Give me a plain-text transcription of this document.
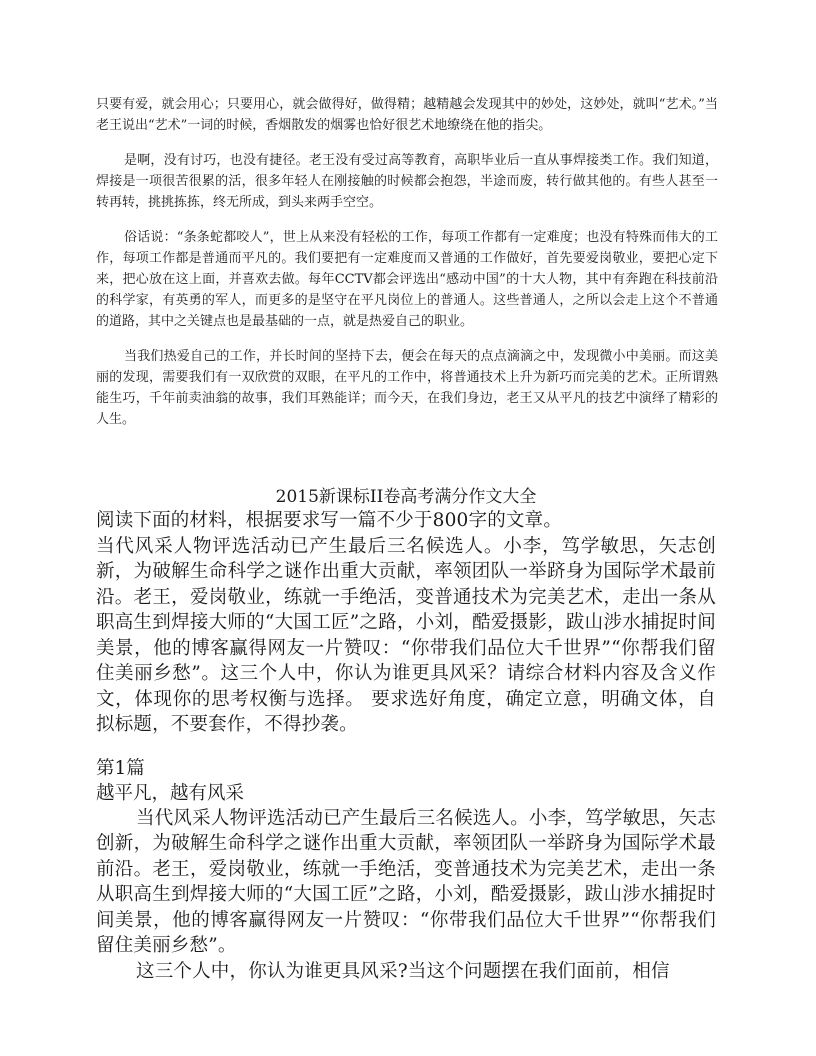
只要有爱，就会用心；只要用心，就会做得好，做得精；越精越会发现其中的妙处，这妙处，就叫“艺术。”当老王说出“艺术”一词的时候，香烟散发的烟雾也恰好很艺术地缭绕在他的指尖。

是啊，没有讨巧，也没有捷径。老王没有受过高等教育，高职毕业后一直从事焊接类工作。我们知道，焊接是一项很苦很累的活，很多年轻人在刚接触的时候都会抱怨，半途而废，转行做其他的。有些人甚至一转再转，挑挑拣拣，终无所成，到头来两手空空。

俗话说：“条条蛇都咬人”，世上从来没有轻松的工作，每项工作都有一定难度；也没有特殊而伟大的工作，每项工作都是普通而平凡的。我们要把有一定难度而又普通的工作做好，首先要爱岗敬业，要把心定下来，把心放在这上面，并喜欢去做。每年CCTV都会评选出“感动中国”的十大人物，其中有奔跑在科技前沿的科学家，有英勇的军人，而更多的是坚守在平凡岗位上的普通人。这些普通人，之所以会走上这个不普通的道路，其中之关键点也是最基础的一点，就是热爱自己的职业。

当我们热爱自己的工作，并长时间的坚持下去，便会在每天的点点滴滴之中，发现微小中美丽。而这美丽的发现，需要我们有一双欣赏的双眼，在平凡的工作中，将普通技术上升为新巧而完美的艺术。正所谓熟能生巧，千年前卖油翁的故事，我们耳熟能详；而今天，在我们身边，老王又从平凡的技艺中演绎了精彩的人生。

2015新课标II卷高考满分作文大全

阅读下面的材料，根据要求写一篇不少于800字的文章。

当代风采人物评选活动已产生最后三名候选人。小李，笃学敏思，矢志创新，为破解生命科学之谜作出重大贡献，率领团队一举跻身为国际学术最前沿。老王，爱岗敬业，练就一手绝活，变普通技术为完美艺术，走出一条从职高生到焊接大师的“大国工匠”之路，小刘，酷爱摄影，跋山涉水捕捉时间美景，他的博客赢得网友一片赞叹：“你带我们品位大千世界”“你帮我们留住美丽乡愁”。这三个人中，你认为谁更具风采？请综合材料内容及含义作文，体现你的思考权衡与选择。 要求选好角度，确定立意，明确文体，自拟标题，不要套作，不得抄袭。

第1篇

越平凡，越有风采

当代风采人物评选活动已产生最后三名候选人。小李，笃学敏思，矢志创新，为破解生命科学之谜作出重大贡献，率领团队一举跻身为国际学术最前沿。老王，爱岗敬业，练就一手绝活，变普通技术为完美艺术，走出一条从职高生到焊接大师的“大国工匠”之路，小刘，酷爱摄影，跋山涉水捕捉时间美景，他的博客赢得网友一片赞叹：“你带我们品位大千世界”“你帮我们留住美丽乡愁”。

这三个人中，你认为谁更具风采?当这个问题摆在我们面前，相信
